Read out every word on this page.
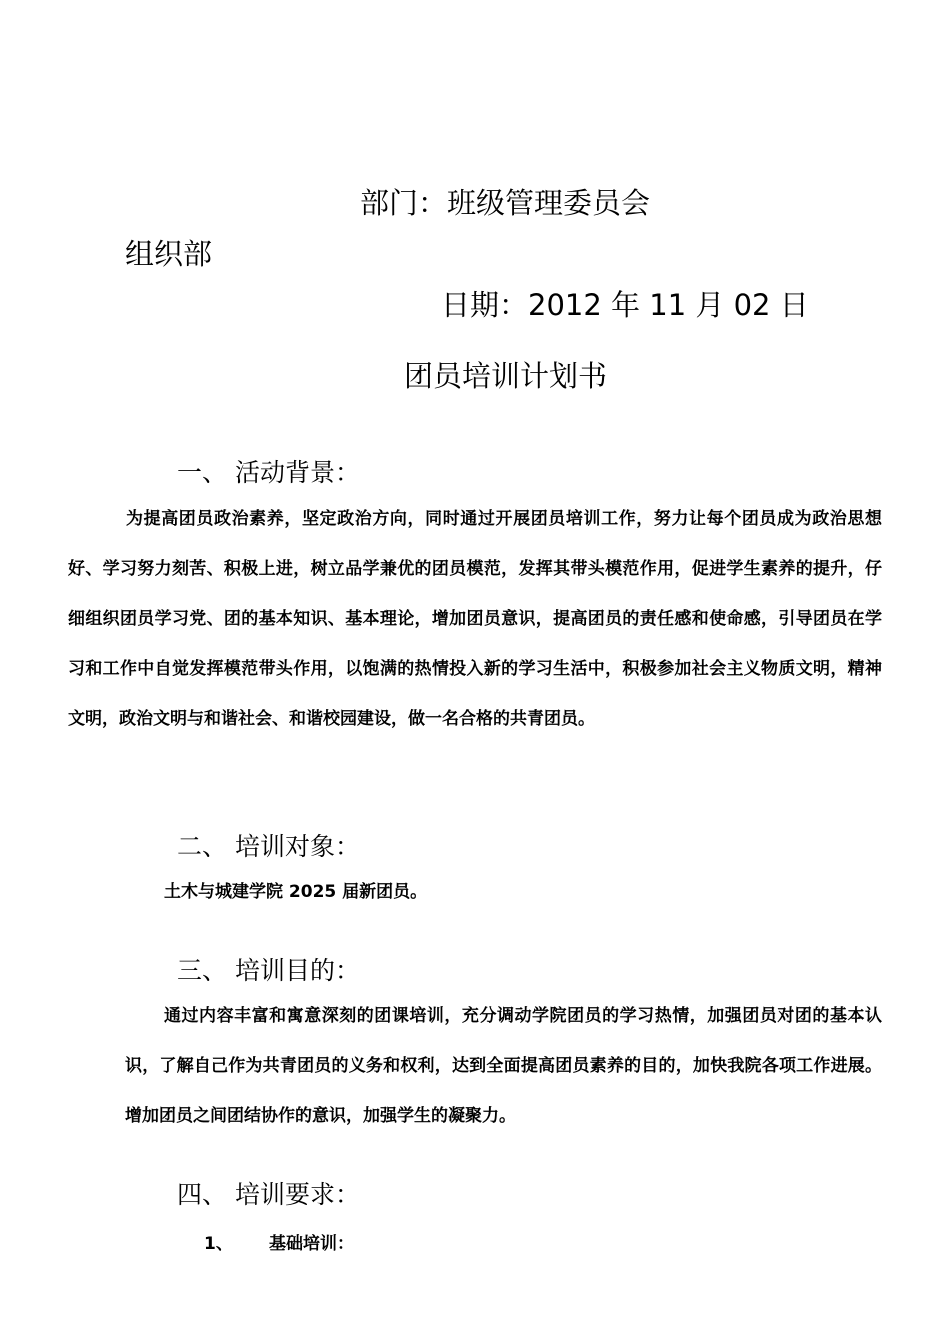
部门：班级管理委员会
组织部
日期：2012 年 11 月 02 日
团员培训计划书
一、 活动背景：
为提高团员政治素养，坚定政治方向，同时通过开展团员培训工作，努力让每个团员成为政治思想好、学习努力刻苦、积极上进，树立品学兼优的团员模范，发挥其带头模范作用，促进学生素养的提升，仔细组织团员学习党、团的基本知识、基本理论，增加团员意识，提高团员的责任感和使命感，引导团员在学习和工作中自觉发挥模范带头作用，以饱满的热情投入新的学习生活中，积极参加社会主义物质文明，精神文明，政治文明与和谐社会、和谐校园建设，做一名合格的共青团员。
二、 培训对象：
土木与城建学院 2025 届新团员。
三、 培训目的：
通过内容丰富和寓意深刻的团课培训，充分调动学院团员的学习热情，加强团员对团的基本认识，了解自己作为共青团员的义务和权利，达到全面提高团员素养的目的，加快我院各项工作进展。增加团员之间团结协作的意识，加强学生的凝聚力。
四、 培训要求：
1、 基础培训：
